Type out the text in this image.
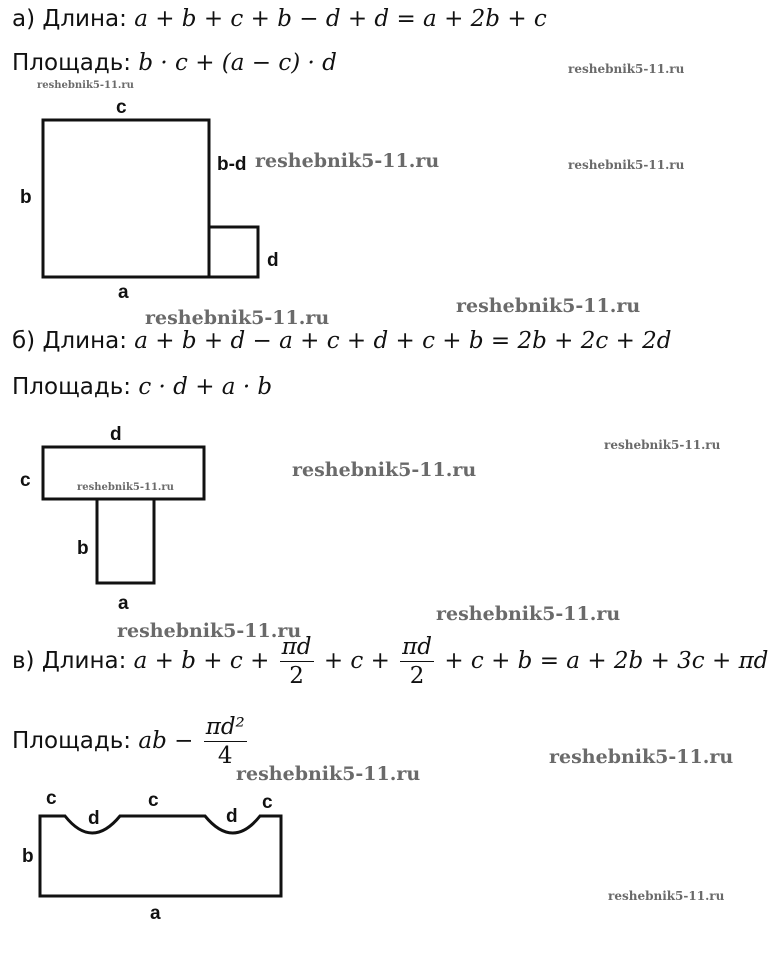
а) Длина: a + b + c + b − d + d = a + 2b + c
Площадь: b · c + (a − c) · d
c
b
b-d
d
a
б) Длина: a + b + d − a + c + d + c + b = 2b + 2c + 2d
Площадь: c · d + a · b
d
c
b
a
в) Длина: $a + b + c + \frac{\pi d}{2} + c + \frac{\pi d}{2} + c + b = a + 2b + 3c + \pi d$
Площадь: ab − $\frac{\text{πd²}}{4}$
c
d
c
d
c
b
a
reshebnik5-11.ru
reshebnik5-11.ru
reshebnik5-11.ru	reshebnik5-11.ru
reshebnik5-11.ru
reshebnik5-11.ru
reshebnik5-11.ru
reshebnik5-11.ru
reshebnik5-11.ru
reshebnik5-11.ru
reshebnik5-11.ru
reshebnik5-11.ru
reshebnik5-11.ru
reshebnik5-11.ru
